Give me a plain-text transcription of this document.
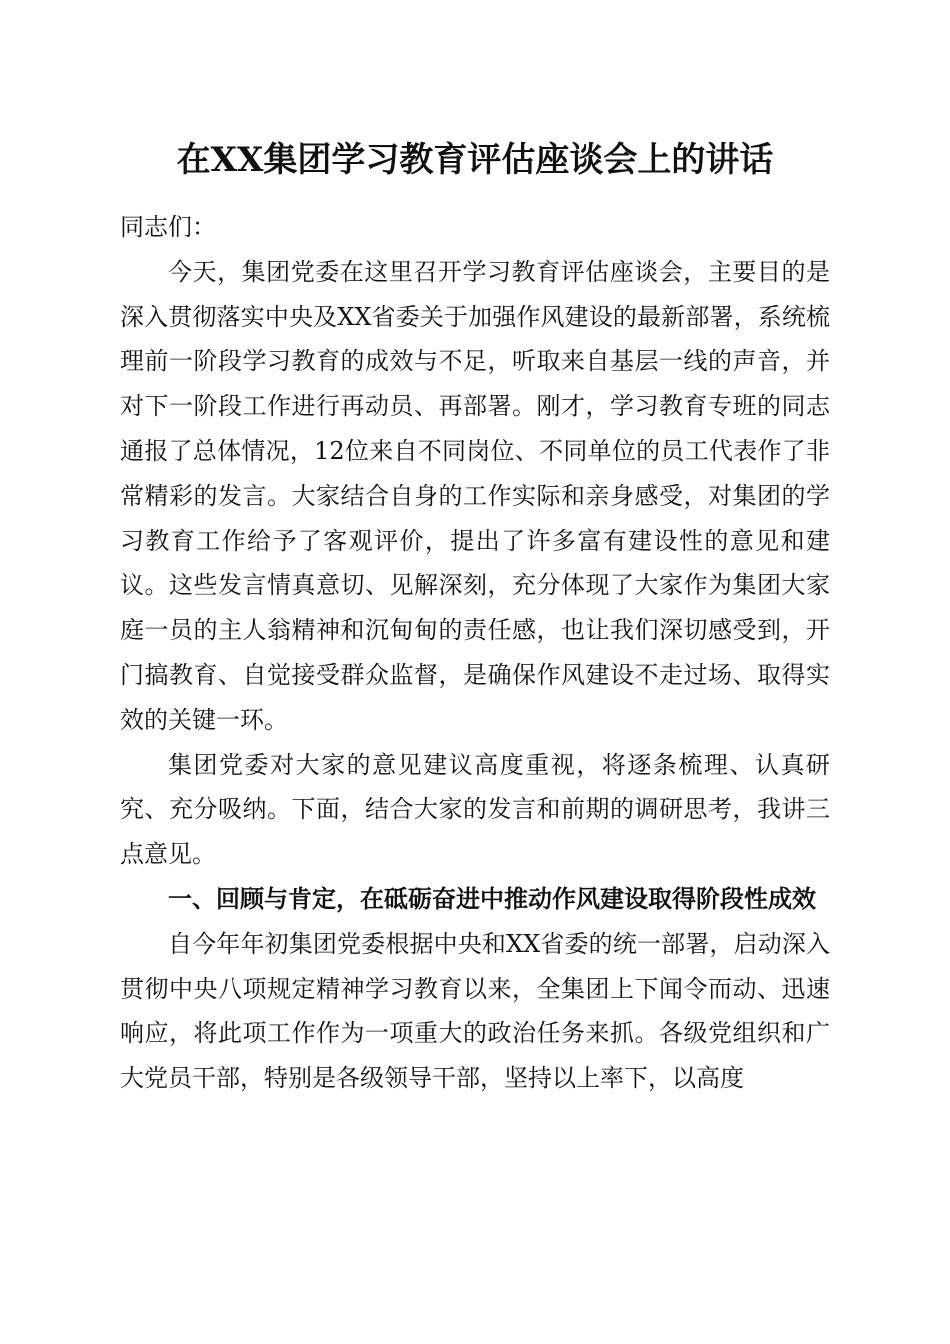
在XX集团学习教育评估座谈会上的讲话

同志们：

今天，集团党委在这里召开学习教育评估座谈会，主要目的是深入贯彻落实中央及XX省委关于加强作风建设的最新部署，系统梳理前一阶段学习教育的成效与不足，听取来自基层一线的声音，并对下一阶段工作进行再动员、再部署。刚才，学习教育专班的同志通报了总体情况，12位来自不同岗位、不同单位的员工代表作了非常精彩的发言。大家结合自身的工作实际和亲身感受，对集团的学习教育工作给予了客观评价，提出了许多富有建设性的意见和建议。这些发言情真意切、见解深刻，充分体现了大家作为集团大家庭一员的主人翁精神和沉甸甸的责任感，也让我们深切感受到，开门搞教育、自觉接受群众监督，是确保作风建设不走过场、取得实效的关键一环。

集团党委对大家的意见建议高度重视，将逐条梳理、认真研究、充分吸纳。下面，结合大家的发言和前期的调研思考，我讲三点意见。

一、回顾与肯定，在砥砺奋进中推动作风建设取得阶段性成效

自今年年初集团党委根据中央和XX省委的统一部署，启动深入贯彻中央八项规定精神学习教育以来，全集团上下闻令而动、迅速响应，将此项工作作为一项重大的政治任务来抓。各级党组织和广大党员干部，特别是各级领导干部，坚持以上率下，以高度
